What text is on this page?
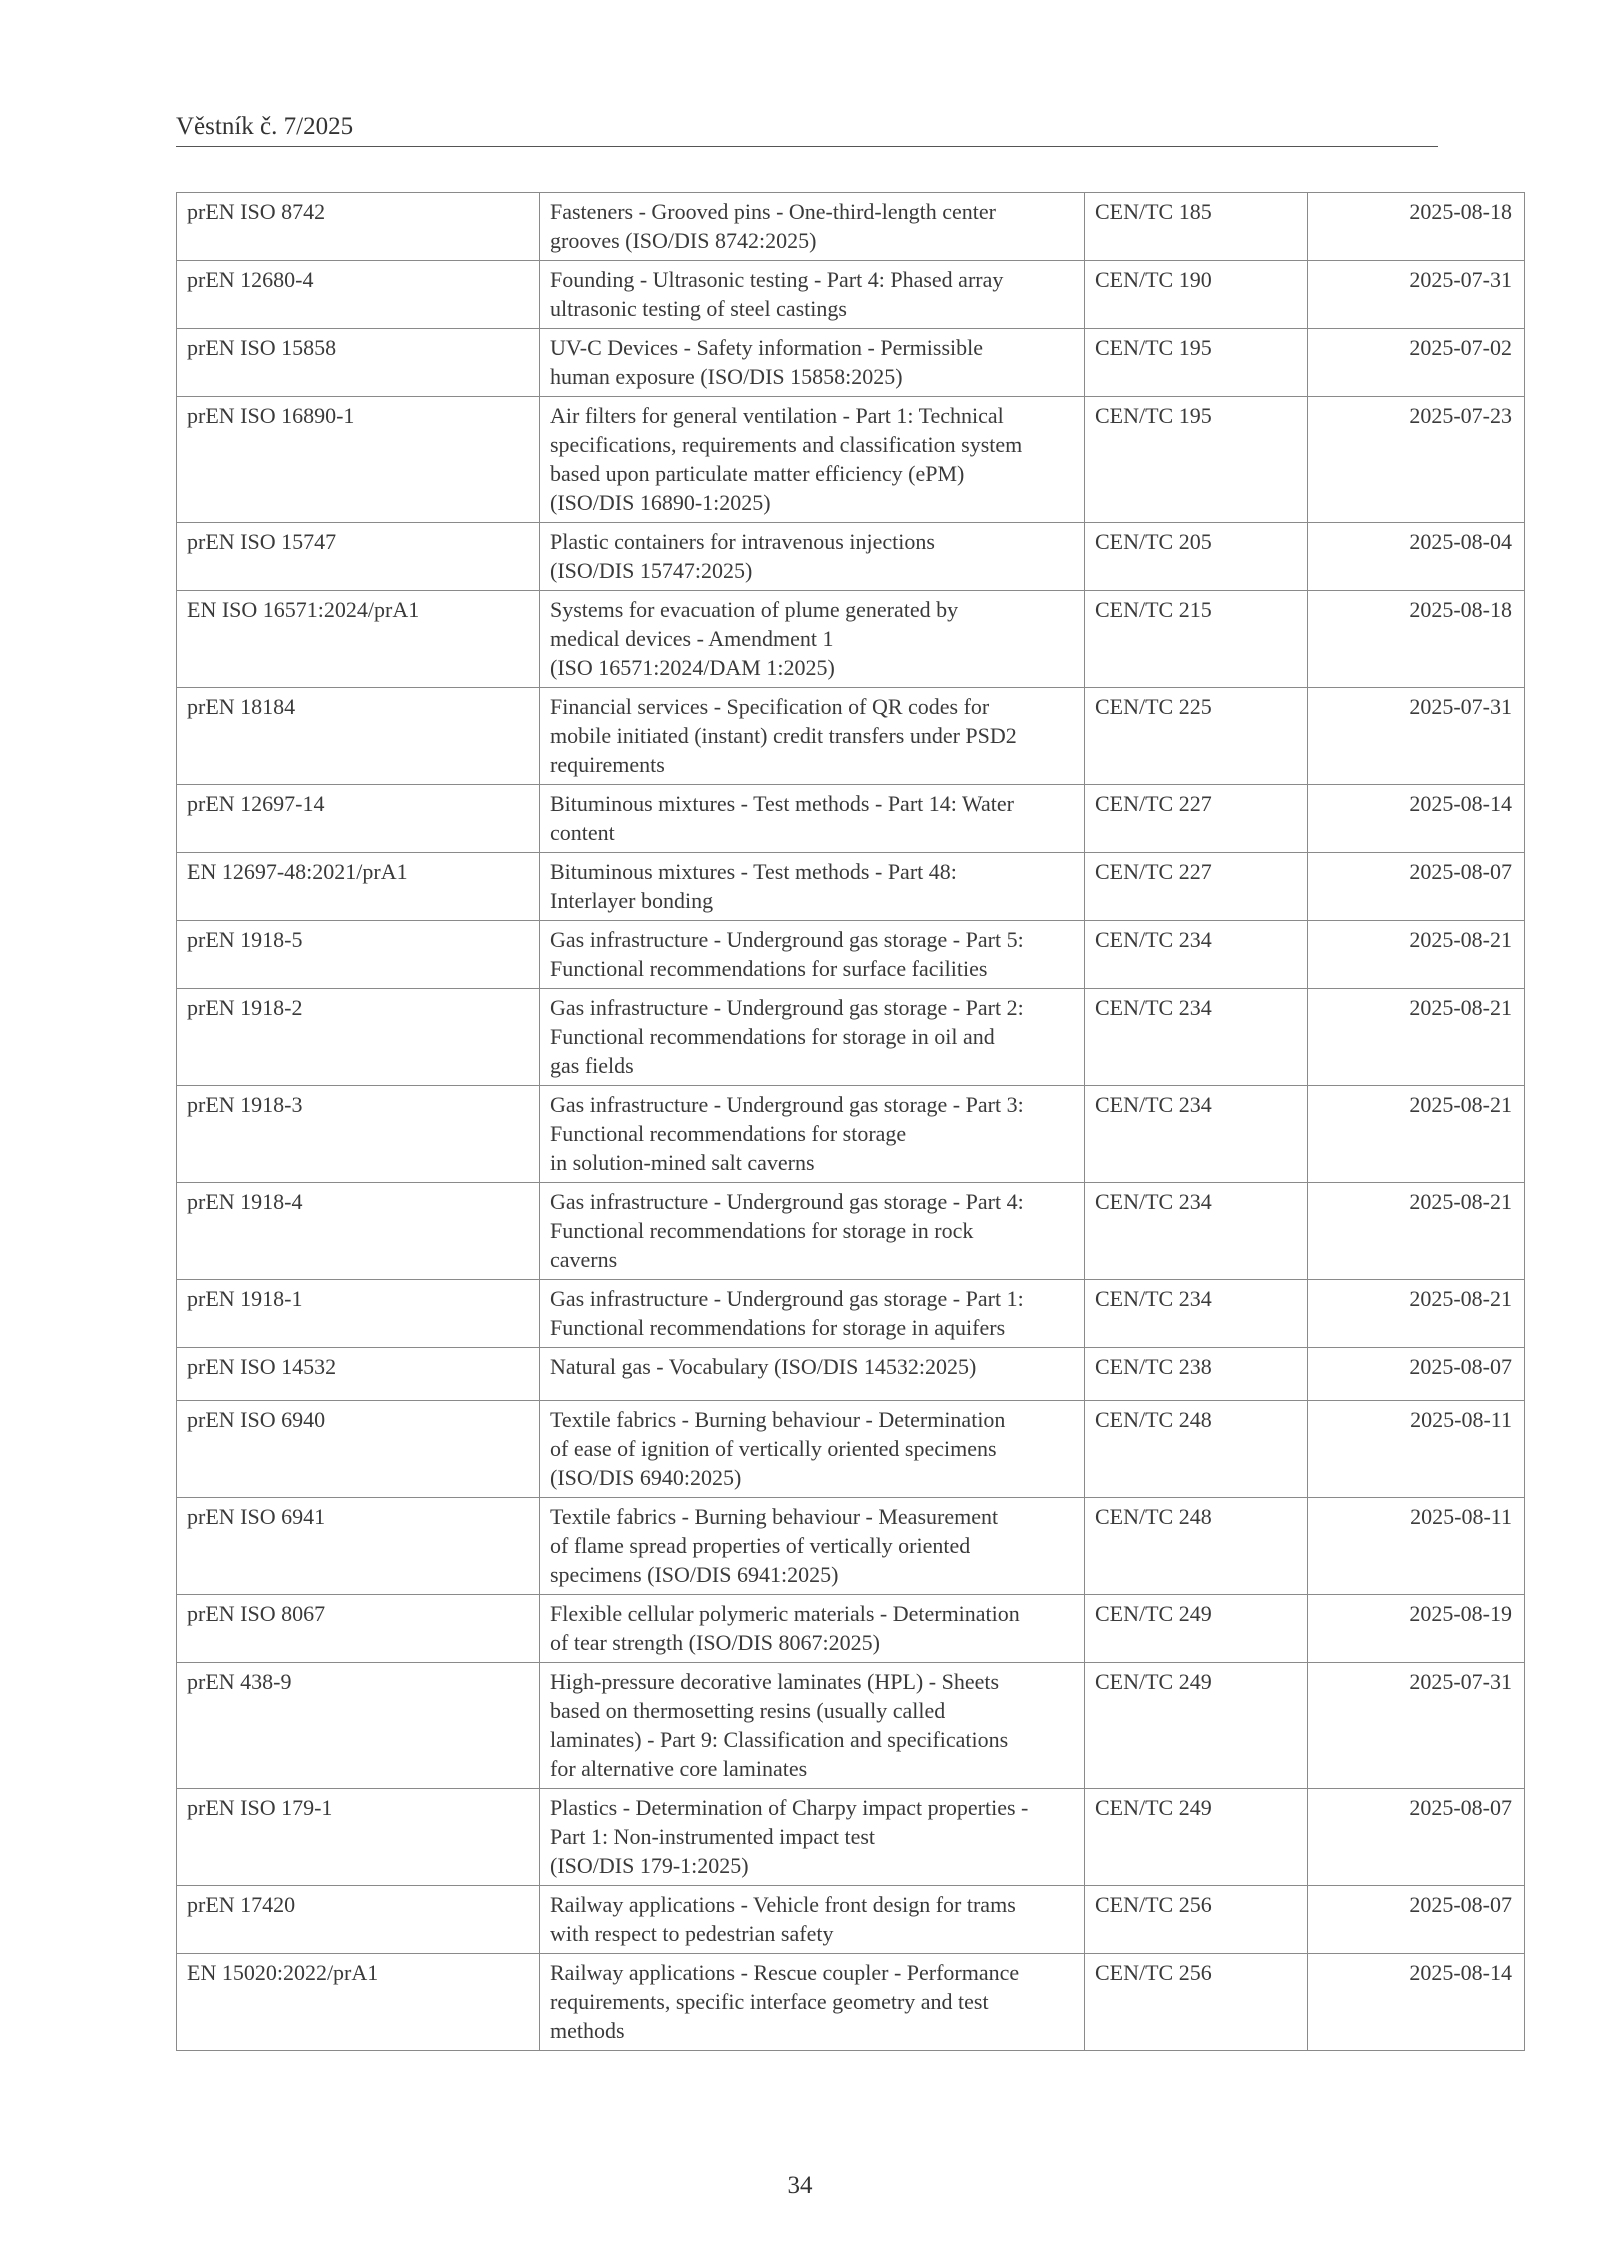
Věstník č. 7/2025
prEN ISO 8742	Fasteners - Grooved pins - One-third-length center
grooves (ISO/DIS 8742:2025)	CEN/TC 185	2025-08-18
prEN 12680-4	Founding - Ultrasonic testing - Part 4: Phased array
ultrasonic testing of steel castings	CEN/TC 190	2025-07-31
prEN ISO 15858	UV-C Devices - Safety information - Permissible
human exposure (ISO/DIS 15858:2025)	CEN/TC 195	2025-07-02
prEN ISO 16890-1	Air filters for general ventilation - Part 1: Technical
specifications, requirements and classification system
based upon particulate matter efficiency (ePM)
(ISO/DIS 16890-1:2025)	CEN/TC 195	2025-07-23
prEN ISO 15747	Plastic containers for intravenous injections
(ISO/DIS 15747:2025)	CEN/TC 205	2025-08-04
EN ISO 16571:2024/prA1	Systems for evacuation of plume generated by
medical devices - Amendment 1
(ISO 16571:2024/DAM 1:2025)	CEN/TC 215	2025-08-18
prEN 18184	Financial services - Specification of QR codes for
mobile initiated (instant) credit transfers under PSD2
requirements	CEN/TC 225	2025-07-31
prEN 12697-14	Bituminous mixtures - Test methods - Part 14: Water
content	CEN/TC 227	2025-08-14
EN 12697-48:2021/prA1	Bituminous mixtures - Test methods - Part 48:
Interlayer bonding	CEN/TC 227	2025-08-07
prEN 1918-5	Gas infrastructure - Underground gas storage - Part 5:
Functional recommendations for surface facilities	CEN/TC 234	2025-08-21
prEN 1918-2	Gas infrastructure - Underground gas storage - Part 2:
Functional recommendations for storage in oil and
gas fields	CEN/TC 234	2025-08-21
prEN 1918-3	Gas infrastructure - Underground gas storage - Part 3:
Functional recommendations for storage
in solution-mined salt caverns	CEN/TC 234	2025-08-21
prEN 1918-4	Gas infrastructure - Underground gas storage - Part 4:
Functional recommendations for storage in rock
caverns	CEN/TC 234	2025-08-21
prEN 1918-1	Gas infrastructure - Underground gas storage - Part 1:
Functional recommendations for storage in aquifers	CEN/TC 234	2025-08-21
prEN ISO 14532	Natural gas - Vocabulary (ISO/DIS 14532:2025)	CEN/TC 238	2025-08-07
prEN ISO 6940	Textile fabrics - Burning behaviour - Determination
of ease of ignition of vertically oriented specimens
(ISO/DIS 6940:2025)	CEN/TC 248	2025-08-11
prEN ISO 6941	Textile fabrics - Burning behaviour - Measurement
of flame spread properties of vertically oriented
specimens (ISO/DIS 6941:2025)	CEN/TC 248	2025-08-11
prEN ISO 8067	Flexible cellular polymeric materials - Determination
of tear strength (ISO/DIS 8067:2025)	CEN/TC 249	2025-08-19
prEN 438-9	High-pressure decorative laminates (HPL) - Sheets
based on thermosetting resins (usually called
laminates) - Part 9: Classification and specifications
for alternative core laminates	CEN/TC 249	2025-07-31
prEN ISO 179-1	Plastics - Determination of Charpy impact properties -
Part 1: Non-instrumented impact test
(ISO/DIS 179-1:2025)	CEN/TC 249	2025-08-07
prEN 17420	Railway applications - Vehicle front design for trams
with respect to pedestrian safety	CEN/TC 256	2025-08-07
EN 15020:2022/prA1	Railway applications - Rescue coupler - Performance
requirements, specific interface geometry and test
methods	CEN/TC 256	2025-08-14
34
